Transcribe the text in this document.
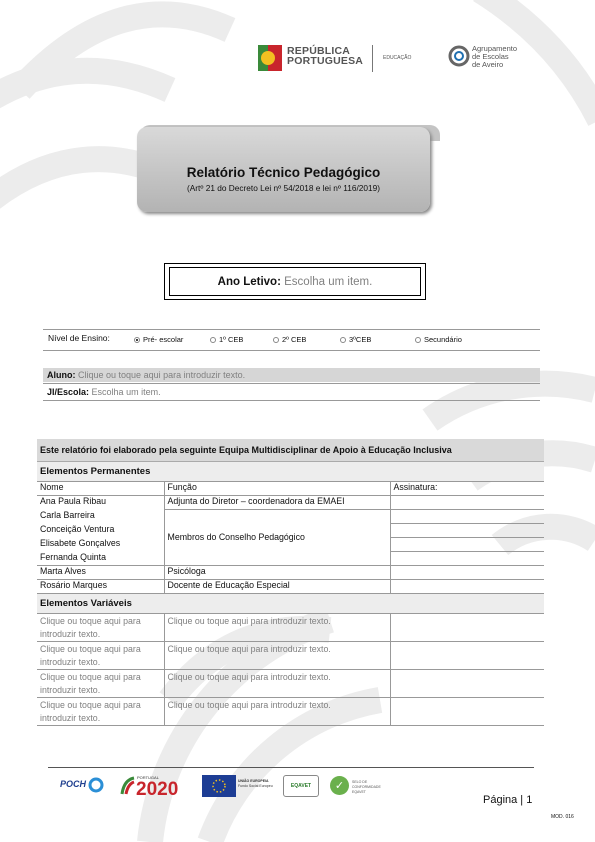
REPÚBLICA
PORTUGUESA	EDUCAÇÃO
Agrupamento
de Escolas
de Aveiro
Relatório Técnico Pedagógico
(Artº 21 do Decreto Lei nº 54/2018 e lei nº 116/2019)
Ano Letivo:
Escolha um item.
Nível de Ensino:	Pré- escolar	1º CEB	2º CEB	3ºCEB	Secundário
Aluno:
Clique ou toque aqui para introduzir texto.
JI/Escola:
Escolha um item.
Este relatório foi elaborado pela seguinte Equipa Multidisciplinar de Apoio à Educação Inclusiva		
Elementos Permanentes		
Nome	Função	Assinatura:
Ana Paula Ribau	Adjunta do Diretor – coordenadora da EMAEI	
Carla Barreira	Membros do Conselho Pedagógico	
Conceição Ventura		
Elisabete Gonçalves		
Fernanda Quinta		
Marta Alves	Psicóloga	
Rosário Marques	Docente de Educação Especial	
Elementos Variáveis		
Clique ou toque aqui para introduzir texto.	Clique ou toque aqui para introduzir texto.	
Clique ou toque aqui para introduzir texto.	Clique ou toque aqui para introduzir texto.	
Clique ou toque aqui para introduzir texto.	Clique ou toque aqui para introduzir texto.	
Clique ou toque aqui para introduzir texto.	Clique ou toque aqui para introduzir texto.	
POCH
PORTUGAL
2020	UNIÃO EUROPEIA
Fundo Social Europeu	EQAVET	✓	SELO DE
CONFORMIDADE
EQAVET
Página | 1
MOD. 016
